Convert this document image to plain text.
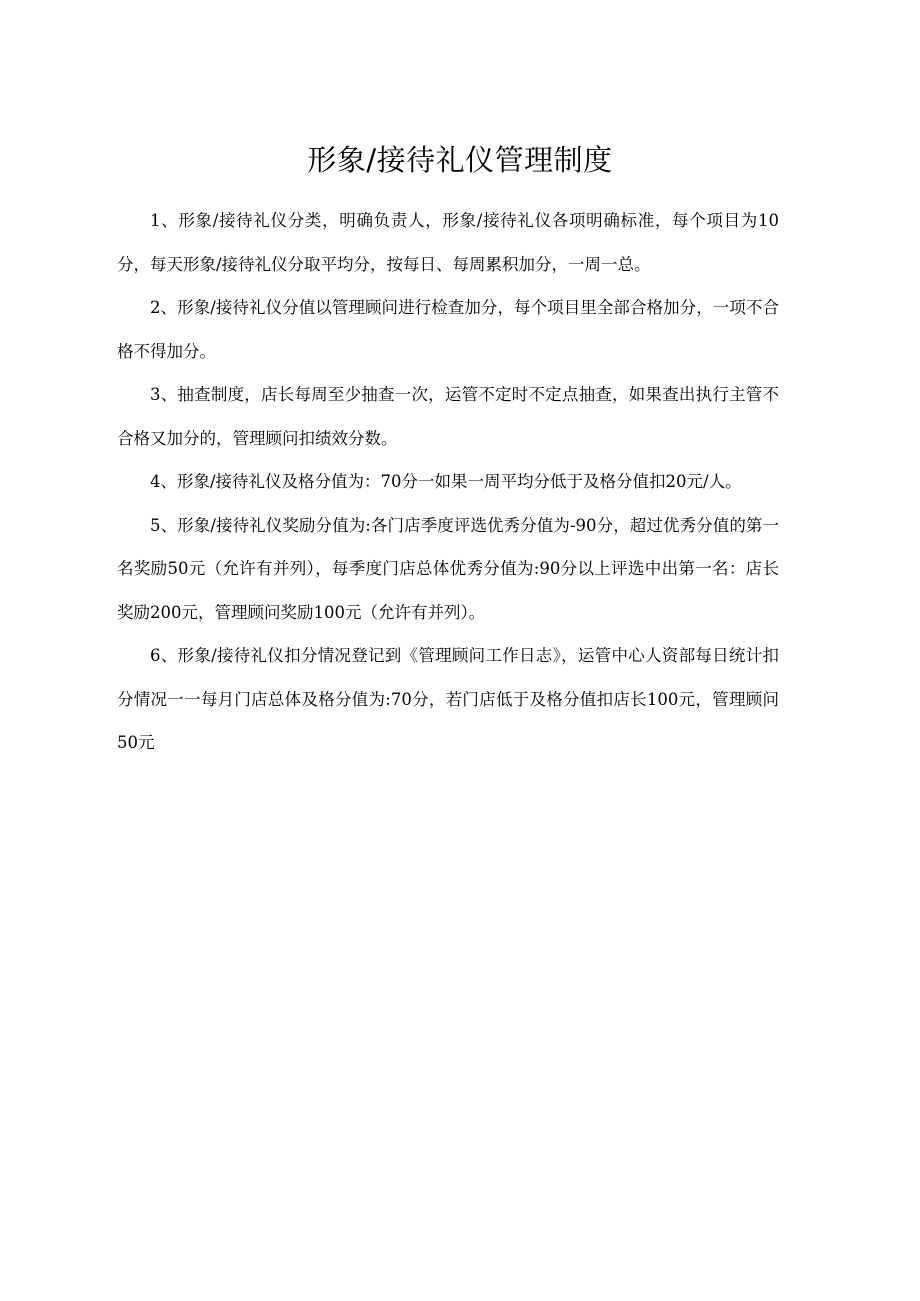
形象/接待礼仪管理制度

1、形象/接待礼仪分类，明确负责人，形象/接待礼仪各项明确标准，每个项目为10分，每天形象/接待礼仪分取平均分，按每日、每周累积加分，一周一总。

2、形象/接待礼仪分值以管理顾问进行检查加分，每个项目里全部合格加分，一项不合格不得加分。

3、抽查制度，店长每周至少抽查一次，运管不定时不定点抽查，如果查出执行主管不合格又加分的，管理顾问扣绩效分数。

4、形象/接待礼仪及格分值为：70分一如果一周平均分低于及格分值扣20元/人。

5、形象/接待礼仪奖励分值为:各门店季度评选优秀分值为-90分，超过优秀分值的第一名奖励50元（允许有并列），每季度门店总体优秀分值为:90分以上评选中出第一名：店长奖励200元，管理顾问奖励100元（允许有并列）。

6、形象/接待礼仪扣分情况登记到《管理顾问工作日志》，运管中心人资部每日统计扣分情况一一每月门店总体及格分值为:70分，若门店低于及格分值扣店长100元，管理顾问50元
